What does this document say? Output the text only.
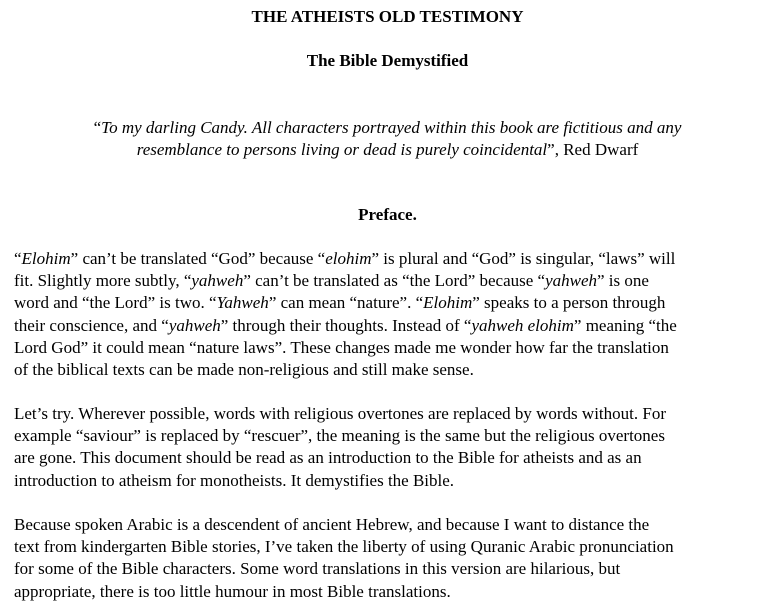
THE ATHEISTS OLD TESTIMONY
The Bible Demystified
“To my darling Candy. All characters portrayed within this book are fictitious and any
resemblance to persons living or dead is purely coincidental”, Red Dwarf
Preface.
“Elohim” can’t be translated “God” because “elohim” is plural and “God” is singular, “laws” will
fit. Slightly more subtly, “yahweh” can’t be translated as “the Lord” because “yahweh” is one
word and “the Lord” is two. “Yahweh” can mean “nature”. “Elohim” speaks to a person through
their conscience, and “yahweh” through their thoughts. Instead of “yahweh elohim” meaning “the
Lord God” it could mean “nature laws”. These changes made me wonder how far the translation
of the biblical texts can be made non-religious and still make sense.
Let’s try. Wherever possible, words with religious overtones are replaced by words without. For
example “saviour” is replaced by “rescuer”, the meaning is the same but the religious overtones
are gone. This document should be read as an introduction to the Bible for atheists and as an
introduction to atheism for monotheists. It demystifies the Bible.
Because spoken Arabic is a descendent of ancient Hebrew, and because I want to distance the
text from kindergarten Bible stories, I’ve taken the liberty of using Quranic Arabic pronunciation
for some of the Bible characters. Some word translations in this version are hilarious, but
appropriate, there is too little humour in most Bible translations.
